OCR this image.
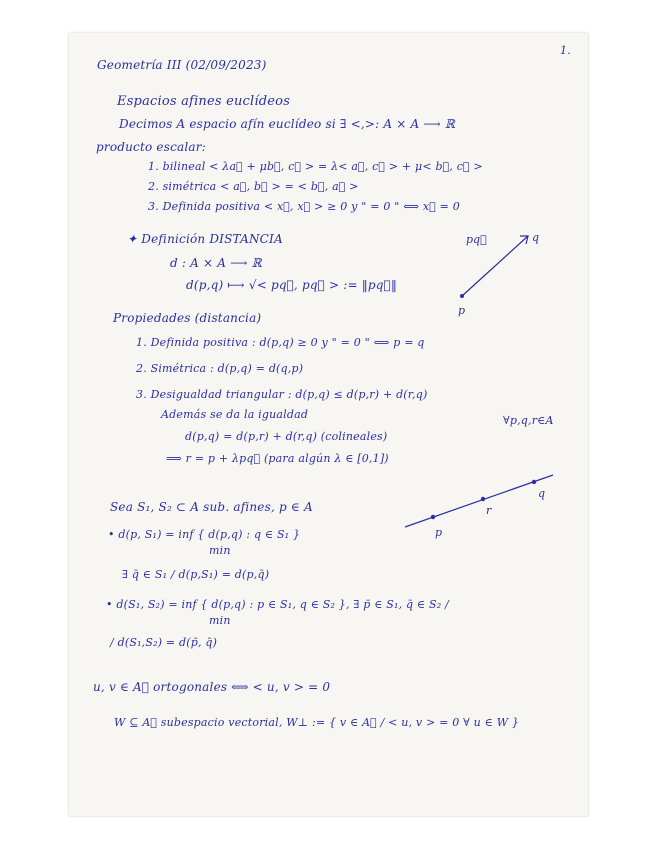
1.
Geometría III (02/09/2023)
Espacios afines euclídeos
Decimos A espacio afín euclídeo si ∃ <,>: A × A ⟶ ℝ
producto escalar:
1. bilineal < λa⃗ + μb⃗, c⃗ > = λ< a⃗, c⃗ > + μ< b⃗, c⃗ >
2. simétrica < a⃗, b⃗ > = < b⃗, a⃗ >
3. Definida positiva < x⃗, x⃗ > ≥ 0 y " = 0 " ⟺ x⃗ = 0
✦ Definición DISTANCIA
d : A × A ⟶ ℝ
d(p,q) ⟼ √< pq⃗, pq⃗ > := ‖pq⃗‖
pq⃗
p
q
Propiedades (distancia)
1. Definida positiva : d(p,q) ≥ 0 y " = 0 " ⟺ p = q
2. Simétrica : d(p,q) = d(q,p)
3. Desigualdad triangular : d(p,q) ≤ d(p,r) + d(r,q)
Además se da la igualdad	∀p,q,r∈A
d(p,q) = d(p,r) + d(r,q) (colineales)
⟹ r = p + λpq⃗ (para algún λ ∈ [0,1])
p
r
q
Sea S₁, S₂ ⊂ A sub. afines, p ∈ A
• d(p, S₁) = inf { d(p,q) : q ∈ S₁ }
min
∃ q̄ ∈ S₁ / d(p,S₁) = d(p,q̄)
• d(S₁, S₂) = inf { d(p,q) : p ∈ S₁, q ∈ S₂ }, ∃ p̄ ∈ S₁, q̄ ∈ S₂ /
min
/ d(S₁,S₂) = d(p̄, q̄)
u, v ∈ A⃗ ortogonales ⟺ < u, v > = 0
W ⊆ A⃗ subespacio vectorial, W⊥ := { v ∈ A⃗ / < u, v > = 0 ∀ u ∈ W }
